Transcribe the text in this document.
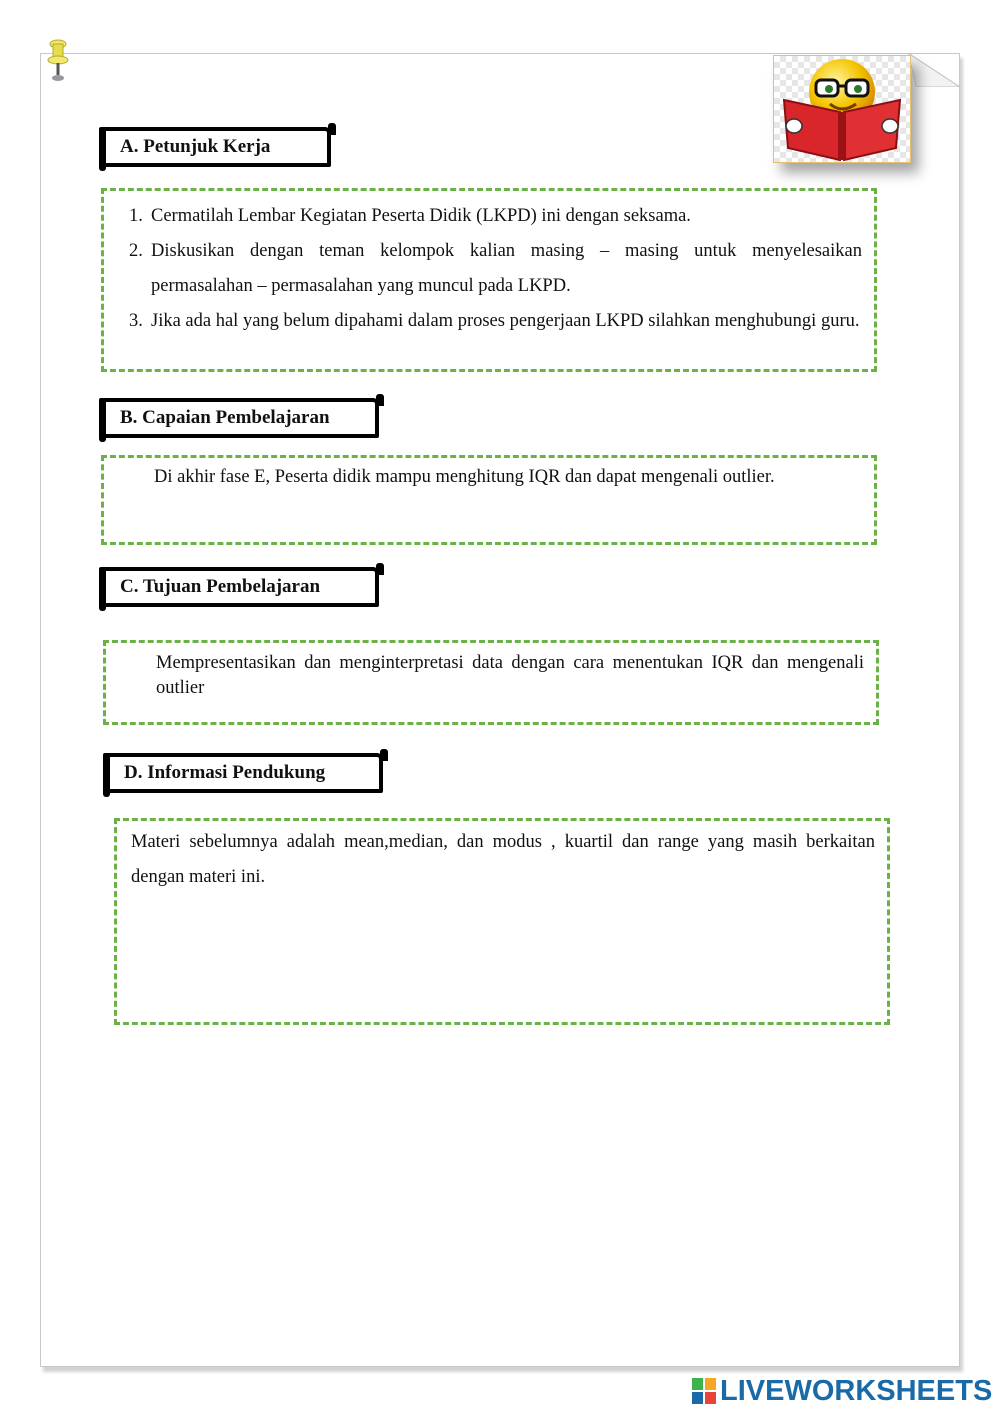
A. Petunjuk Kerja
1. Cermatilah Lembar Kegiatan Peserta Didik (LKPD) ini dengan seksama.
2. Diskusikan dengan teman kelompok kalian masing – masing untuk menyelesaikan permasalahan – permasalahan yang muncul pada LKPD.
3. Jika ada hal yang belum dipahami dalam proses pengerjaan LKPD silahkan menghubungi guru.
B. Capaian Pembelajaran
Di akhir fase E, Peserta didik mampu menghitung IQR dan dapat mengenali outlier.
C. Tujuan Pembelajaran
Mempresentasikan dan menginterpretasi data dengan cara menentukan IQR dan mengenali outlier
D. Informasi Pendukung
Materi sebelumnya adalah mean,median, dan modus , kuartil dan range yang masih berkaitan dengan materi ini.
LIVEWORKSHEETS
